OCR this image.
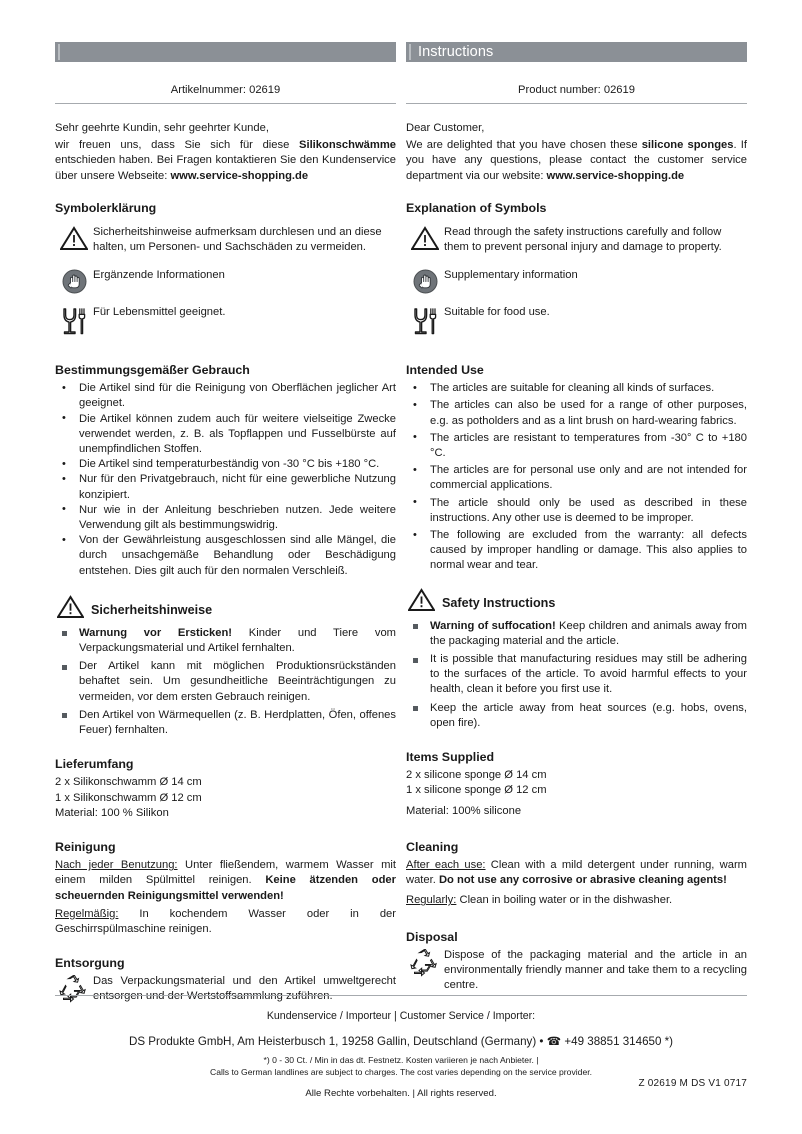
Artikelnummer: 02619
Sehr geehrte Kundin, sehr geehrter Kunde,
wir freuen uns, dass Sie sich für diese Silikonschwämme entschieden haben. Bei Fragen kontaktieren Sie den Kundenservice über unsere Webseite: www.service-shopping.de
Symbolerklärung
Sicherheitshinweise aufmerksam durchlesen und an diese halten, um Personen- und Sachschäden zu vermeiden.
Ergänzende Informationen
Für Lebensmittel geeignet.
Bestimmungsgemäßer Gebrauch
• Die Artikel sind für die Reinigung von Oberflächen jeglicher Art geeignet.
• Die Artikel können zudem auch für weitere vielseitige Zwecke verwendet werden, z. B. als Topflappen und Fusselbürste auf unempfindlichen Stoffen.
• Die Artikel sind temperaturbeständig von -30 °C bis +180 °C.
• Nur für den Privatgebrauch, nicht für eine gewerbliche Nutzung konzipiert.
• Nur wie in der Anleitung beschrieben nutzen. Jede weitere Verwendung gilt als bestimmungswidrig.
• Von der Gewährleistung ausgeschlossen sind alle Mängel, die durch unsachgemäße Behandlung oder Beschädigung entstehen. Dies gilt auch für den normalen Verschleiß.
Sicherheitshinweise
Warnung vor Ersticken! Kinder und Tiere vom Verpackungsmaterial und Artikel fernhalten.
Der Artikel kann mit möglichen Produktionsrückständen behaftet sein. Um gesundheitliche Beeinträchtigungen zu vermeiden, vor dem ersten Gebrauch reinigen.
Den Artikel von Wärmequellen (z. B. Herdplatten, Öfen, offenes Feuer) fernhalten.
Lieferumfang
2 x Silikonschwamm Ø 14 cm
1 x Silikonschwamm Ø 12 cm
Material: 100 % Silikon
Reinigung

Nach jeder Benutzung: Unter fließendem, warmem Wasser mit einem milden Spülmittel reinigen. Keine ätzenden oder scheuernden Reinigungsmittel verwenden!

Regelmäßig: In kochendem Wasser oder in der Geschirrspülmaschine reinigen.

Entsorgung
Das Verpackungsmaterial und den Artikel umweltgerecht entsorgen und der Wertstoffsammlung zuführen.
Instructions
Product number: 02619
Dear Customer,
We are delighted that you have chosen these silicone sponges. If you have any questions, please contact the customer service department via our website: www.service-shopping.de
Explanation of Symbols
Read through the safety instructions carefully and follow them to prevent personal injury and damage to property.
Supplementary information
Suitable for food use.
Intended Use
• The articles are suitable for cleaning all kinds of surfaces.
• The articles can also be used for a range of other purposes, e.g. as potholders and as a lint brush on hard-wearing fabrics.
• The articles are resistant to temperatures from -30° C to +180 °C.
• The articles are for personal use only and are not intended for commercial applications.
• The article should only be used as described in these instructions. Any other use is deemed to be improper.
• The following are excluded from the warranty: all defects caused by improper handling or damage. This also applies to normal wear and tear.
Safety Instructions
Warning of suffocation! Keep children and animals away from the packaging material and the article.
It is possible that manufacturing residues may still be adhering to the surfaces of the article. To avoid harmful effects to your health, clean it before you first use it.
Keep the article away from heat sources (e.g. hobs, ovens, open fire).
Items Supplied
2 x silicone sponge Ø 14 cm
1 x silicone sponge Ø 12 cm
Material: 100% silicone
Cleaning

After each use: Clean with a mild detergent under running, warm water. Do not use any corrosive or abrasive cleaning agents!

Regularly: Clean in boiling water or in the dishwasher.

Disposal
Dispose of the packaging material and the article in an environmentally friendly manner and take them to a recycling centre.
Kundenservice / Importeur | Customer Service / Importer:
DS Produkte GmbH, Am Heisterbusch 1, 19258 Gallin, Deutschland (Germany) • ☎ +49 38851 314650 *)
*) 0 - 30 Ct. / Min in das dt. Festnetz. Kosten variieren je nach Anbieter. |
Calls to German landlines are subject to charges. The cost varies depending on the service provider.
Alle Rechte vorbehalten. | All rights reserved.
Z 02619 M DS V1 0717
